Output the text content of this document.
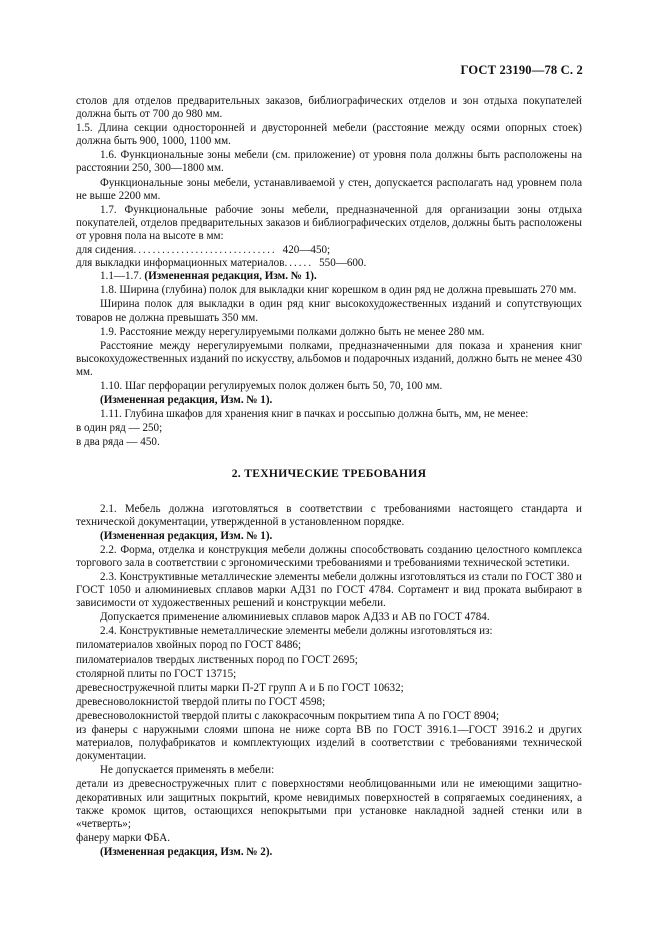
ГОСТ 23190—78 С. 2

столов для отделов предварительных заказов, библиографических отделов и зон отдыха покупателей должна быть от 700 до 980 мм.

1.5. Длина секции односторонней и двусторонней мебели (расстояние между осями опорных стоек) должна быть 900, 1000, 1100 мм.

1.6. Функциональные зоны мебели (см. приложение) от уровня пола должны быть расположены на расстоянии 250, 300—1800 мм.

Функциональные зоны мебели, устанавливаемой у стен, допускается располагать над уровнем пола не выше 2200 мм.

1.7. Функциональные рабочие зоны мебели, предназначенной для организации зоны отдыха покупателей, отделов предварительных заказов и библиографических отделов, должны быть расположены от уровня пола на высоте в мм:

для сидения .............................. 420—450;
для выкладки информационных материалов ...... 550—600.

1.1—1.7. (Измененная редакция, Изм. № 1).

1.8. Ширина (глубина) полок для выкладки книг корешком в один ряд не должна превышать 270 мм.

Ширина полок для выкладки в один ряд книг высокохудожественных изданий и сопутствующих товаров не должна превышать 350 мм.

1.9. Расстояние между нерегулируемыми полками должно быть не менее 280 мм.

Расстояние между нерегулируемыми полками, предназначенными для показа и хранения книг высокохудожественных изданий по искусству, альбомов и подарочных изданий, должно быть не менее 430 мм.

1.10. Шаг перфорации регулируемых полок должен быть 50, 70, 100 мм.

(Измененная редакция, Изм. № 1).

1.11. Глубина шкафов для хранения книг в пачках и россыпью должна быть, мм, не менее:

в один ряд — 250;

в два ряда — 450.

2. ТЕХНИЧЕСКИЕ ТРЕБОВАНИЯ

2.1. Мебель должна изготовляться в соответствии с требованиями настоящего стандарта и технической документации, утвержденной в установленном порядке.

(Измененная редакция, Изм. № 1).

2.2. Форма, отделка и конструкция мебели должны способствовать созданию целостного комплекса торгового зала в соответствии с эргономическими требованиями и требованиями технической эстетики.

2.3. Конструктивные металлические элементы мебели должны изготовляться из стали по ГОСТ 380 и ГОСТ 1050 и алюминиевых сплавов марки АД31 по ГОСТ 4784. Сортамент и вид проката выбирают в зависимости от художественных решений и конструкции мебели.

Допускается применение алюминиевых сплавов марок АД33 и АВ по ГОСТ 4784.

2.4. Конструктивные неметаллические элементы мебели должны изготовляться из:

пиломатериалов хвойных пород по ГОСТ 8486;

пиломатериалов твердых лиственных пород по ГОСТ 2695;

столярной плиты по ГОСТ 13715;

древесностружечной плиты марки П-2Т групп А и Б по ГОСТ 10632;

древесноволокнистой твердой плиты по ГОСТ 4598;

древесноволокнистой твердой плиты с лакокрасочным покрытием типа А по ГОСТ 8904;

из фанеры с наружными слоями шпона не ниже сорта ВВ по ГОСТ 3916.1—ГОСТ 3916.2 и других материалов, полуфабрикатов и комплектующих изделий в соответствии с требованиями технической документации.

Не допускается применять в мебели:

детали из древесностружечных плит с поверхностями необлицованными или не имеющими защитно-декоративных или защитных покрытий, кроме невидимых поверхностей в сопрягаемых соединениях, а также кромок щитов, остающихся непокрытыми при установке накладной задней стенки или в «четверть»;

фанеру марки ФБА.

(Измененная редакция, Изм. № 2).
